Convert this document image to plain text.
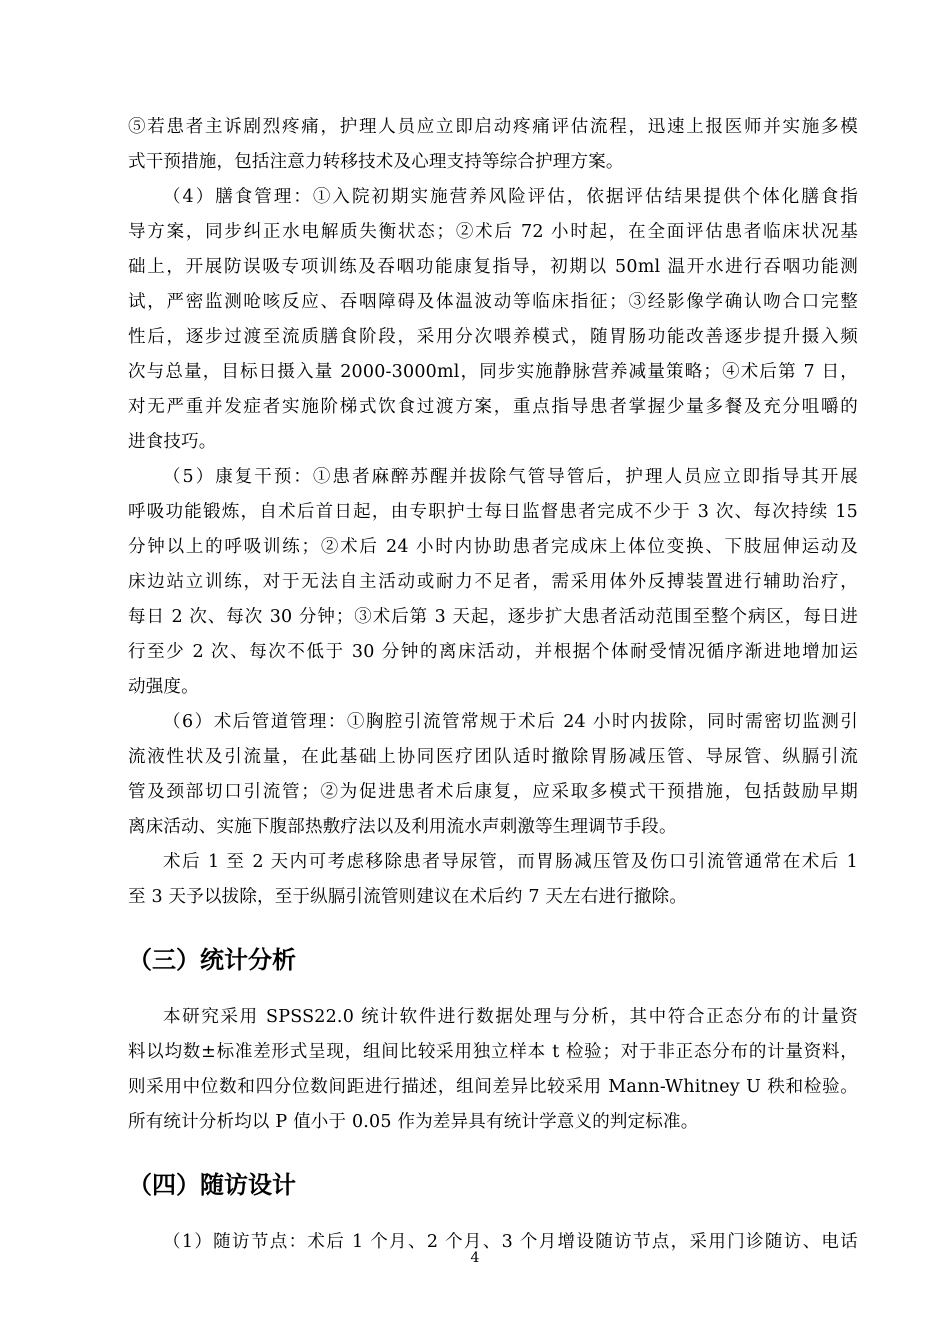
⑤若患者主诉剧烈疼痛，护理人员应立即启动疼痛评估流程，迅速上报医师并实施多模
式干预措施，包括注意力转移技术及心理支持等综合护理方案。
（4）膳食管理：①入院初期实施营养风险评估，依据评估结果提供个体化膳食指
导方案，同步纠正水电解质失衡状态；②术后 72 小时起，在全面评估患者临床状况基
础上，开展防误吸专项训练及吞咽功能康复指导，初期以 50ml 温开水进行吞咽功能测
试，严密监测呛咳反应、吞咽障碍及体温波动等临床指征；③经影像学确认吻合口完整
性后，逐步过渡至流质膳食阶段，采用分次喂养模式，随胃肠功能改善逐步提升摄入频
次与总量，目标日摄入量 2000-3000ml，同步实施静脉营养减量策略；④术后第 7 日，
对无严重并发症者实施阶梯式饮食过渡方案，重点指导患者掌握少量多餐及充分咀嚼的
进食技巧。
（5）康复干预：①患者麻醉苏醒并拔除气管导管后，护理人员应立即指导其开展
呼吸功能锻炼，自术后首日起，由专职护士每日监督患者完成不少于 3 次、每次持续 15
分钟以上的呼吸训练；②术后 24 小时内协助患者完成床上体位变换、下肢屈伸运动及
床边站立训练，对于无法自主活动或耐力不足者，需采用体外反搏装置进行辅助治疗，
每日 2 次、每次 30 分钟；③术后第 3 天起，逐步扩大患者活动范围至整个病区，每日进
行至少 2 次、每次不低于 30 分钟的离床活动，并根据个体耐受情况循序渐进地增加运
动强度。
（6）术后管道管理：①胸腔引流管常规于术后 24 小时内拔除，同时需密切监测引
流液性状及引流量，在此基础上协同医疗团队适时撤除胃肠减压管、导尿管、纵膈引流
管及颈部切口引流管；②为促进患者术后康复，应采取多模式干预措施，包括鼓励早期
离床活动、实施下腹部热敷疗法以及利用流水声刺激等生理调节手段。
术后 1 至 2 天内可考虑移除患者导尿管，而胃肠减压管及伤口引流管通常在术后 1
至 3 天予以拔除，至于纵膈引流管则建议在术后约 7 天左右进行撤除。
（三）统计分析
本研究采用 SPSS22.0 统计软件进行数据处理与分析，其中符合正态分布的计量资
料以均数±标准差形式呈现，组间比较采用独立样本 t 检验；对于非正态分布的计量资料，
则采用中位数和四分位数间距进行描述，组间差异比较采用 Mann-Whitney U 秩和检验。
所有统计分析均以 P 值小于 0.05 作为差异具有统计学意义的判定标准。
（四）随访设计
（1）随访节点：术后 1 个月、2 个月、3 个月增设随访节点，采用门诊随访、电话
4
